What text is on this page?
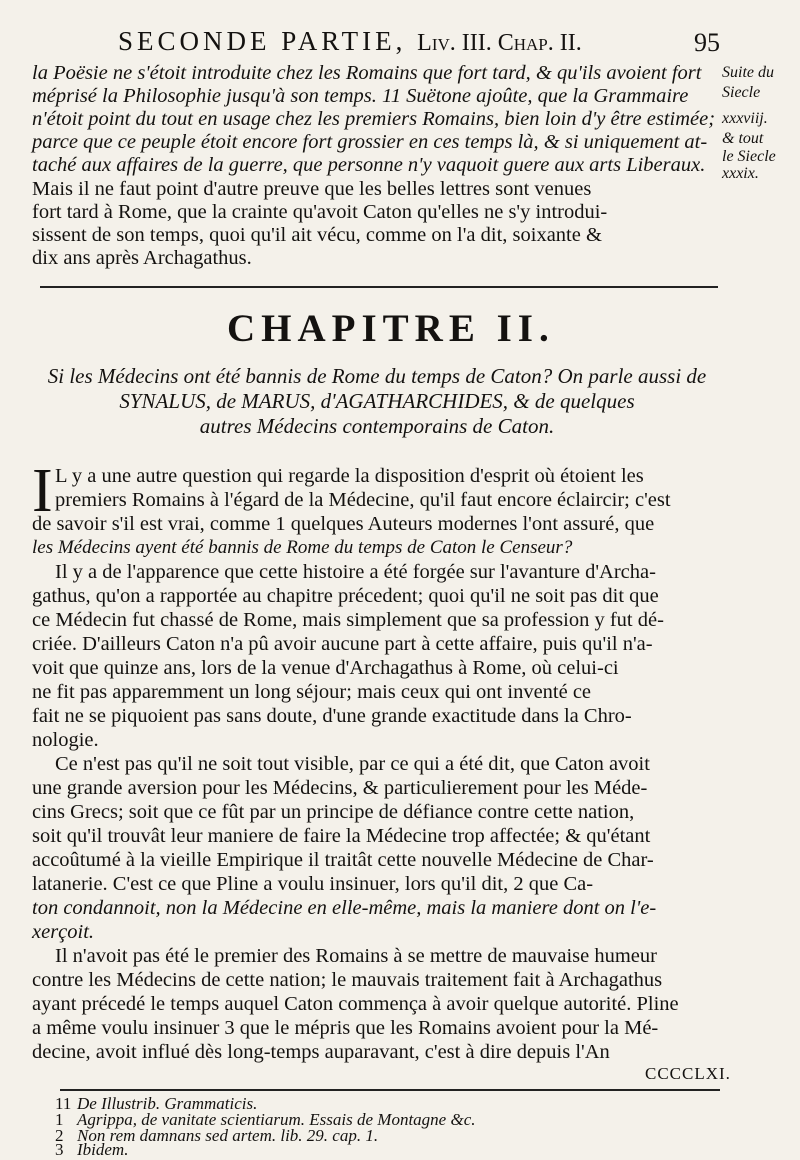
SECONDE PARTIE, Liv. III. Chap. II.	95
la Poësie ne s'étoit introduite chez les Romains que fort tard, & qu'ils avoient fort
méprisé la Philosophie jusqu'à son temps. 11 Suëtone ajoûte, que la Grammaire
n'étoit point du tout en usage chez les premiers Romains, bien loin d'y être estimée;
parce que ce peuple étoit encore fort grossier en ces temps là, & si uniquement at-
taché aux affaires de la guerre, que personne n'y vaquoit guere aux arts Liberaux.
Mais il ne faut point d'autre preuve que les belles lettres sont venues
fort tard à Rome, que la crainte qu'avoit Caton qu'elles ne s'y introdui-
sissent de son temps, quoi qu'il ait vécu, comme on l'a dit, soixante &
dix ans après Archagathus.
Suite du
Siecle
xxxviij.
& tout
le Siecle
xxxix.
CHAPITRE II.
Si les Médecins ont été bannis de Rome du temps de Caton? On parle aussi de
SYNALUS, de MARUS, d'AGATHARCHIDES, & de quelques
autres Médecins contemporains de Caton.
I L y a une autre question qui regarde la disposition d'esprit où étoient les
premiers Romains à l'égard de la Médecine, qu'il faut encore éclaircir; c'est
de savoir s'il est vrai, comme 1 quelques Auteurs modernes l'ont assuré, que
les Médecins ayent été bannis de Rome du temps de Caton le Censeur?
Il y a de l'apparence que cette histoire a été forgée sur l'avanture d'Archa-
gathus, qu'on a rapportée au chapitre précedent; quoi qu'il ne soit pas dit que
ce Médecin fut chassé de Rome, mais simplement que sa profession y fut dé-
criée. D'ailleurs Caton n'a pû avoir aucune part à cette affaire, puis qu'il n'a-
voit que quinze ans, lors de la venue d'Archagathus à Rome, où celui-ci
ne fit pas apparemment un long séjour; mais ceux qui ont inventé ce
fait ne se piquoient pas sans doute, d'une grande exactitude dans la Chro-
nologie.
Ce n'est pas qu'il ne soit tout visible, par ce qui a été dit, que Caton avoit
une grande aversion pour les Médecins, & particulierement pour les Méde-
cins Grecs; soit que ce fût par un principe de défiance contre cette nation,
soit qu'il trouvât leur maniere de faire la Médecine trop affectée; & qu'étant
accoûtumé à la vieille Empirique il traitât cette nouvelle Médecine de Char-
latanerie. C'est ce que Pline a voulu insinuer, lors qu'il dit, 2 que Ca-
ton condannoit, non la Médecine en elle-même, mais la maniere dont on l'e-
xerçoit.
Il n'avoit pas été le premier des Romains à se mettre de mauvaise humeur
contre les Médecins de cette nation; le mauvais traitement fait à Archagathus
ayant précedé le temps auquel Caton commença à avoir quelque autorité. Pline
a même voulu insinuer 3 que le mépris que les Romains avoient pour la Mé-
decine, avoit influé dès long-temps auparavant, c'est à dire depuis l'An
CCCCLXI.
11 De Illustrib. Grammaticis.
1 Agrippa, de vanitate scientiarum. Essais de Montagne &c.
2 Non rem damnans sed artem. lib. 29. cap. 1.
3 Ibidem.
